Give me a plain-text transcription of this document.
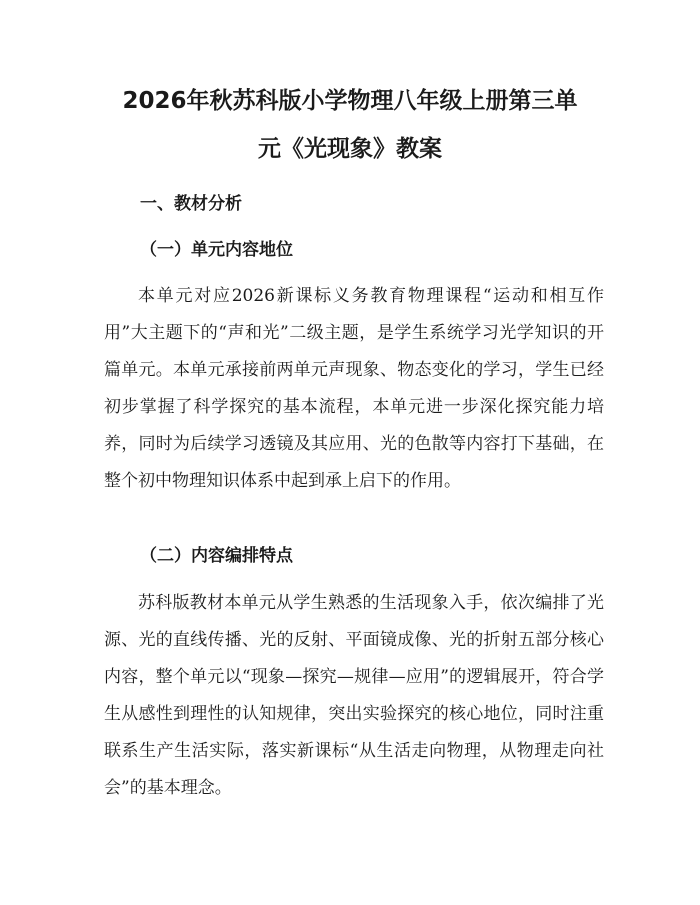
2026年秋苏科版小学物理八年级上册第三单
元《光现象》教案
一、教材分析
（一）单元内容地位

本单元对应2026新课标义务教育物理课程“运动和相互作用”大主题下的“声和光”二级主题，是学生系统学习光学知识的开篇单元。本单元承接前两单元声现象、物态变化的学习，学生已经初步掌握了科学探究的基本流程，本单元进一步深化探究能力培养，同时为后续学习透镜及其应用、光的色散等内容打下基础，在整个初中物理知识体系中起到承上启下的作用。

（二）内容编排特点

苏科版教材本单元从学生熟悉的生活现象入手，依次编排了光源、光的直线传播、光的反射、平面镜成像、光的折射五部分核心内容，整个单元以“现象—探究—规律—应用”的逻辑展开，符合学生从感性到理性的认知规律，突出实验探究的核心地位，同时注重联系生产生活实际，落实新课标“从生活走向物理，从物理走向社会”的基本理念。
